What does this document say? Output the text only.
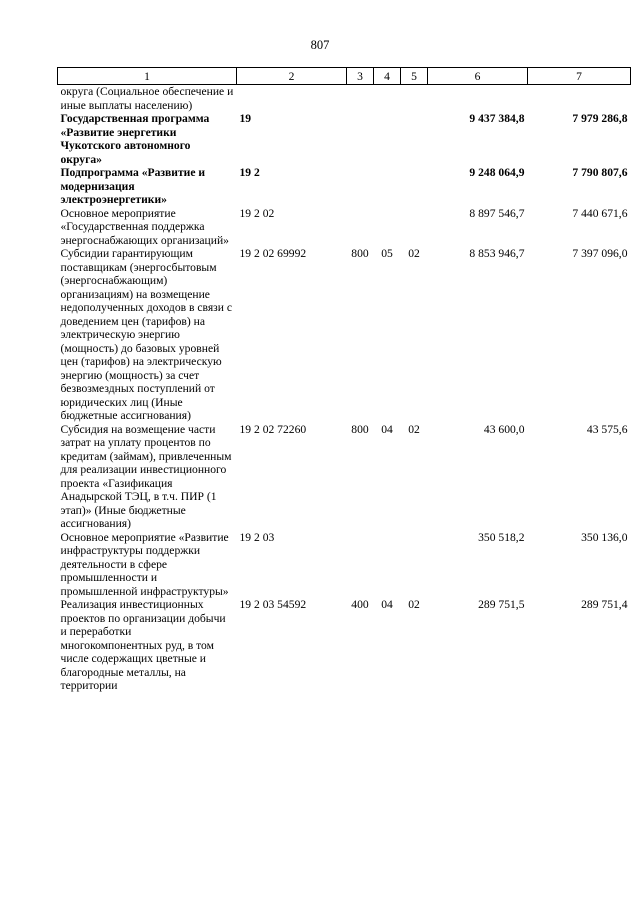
807
1	2	3	4	5	6	7
округа (Социальное обеспечение и иные выплаты населению)						
Государственная программа «Развитие энергетики Чукотского автономного округа»	19				9 437 384,8	7 979 286,8
Подпрограмма «Развитие и модернизация электроэнергетики»	19 2				9 248 064,9	7 790 807,6
Основное мероприятие «Государственная поддержка энергоснабжающих организаций»	19 2 02				8 897 546,7	7 440 671,6
Субсидии гарантирующим поставщикам (энергосбытовым (энергоснабжающим) организациям) на возмещение недополученных доходов в связи с доведением цен (тарифов) на электрическую энергию (мощность) до базовых уровней цен (тарифов) на электрическую энергию (мощность) за счет безвозмездных поступлений от юридических лиц (Иные бюджетные ассигнования)	19 2 02 69992	800	05	02	8 853 946,7	7 397 096,0
Субсидия на возмещение части затрат на уплату процентов по кредитам (займам), привлеченным для реализации инвестиционного проекта «Газификация Анадырской ТЭЦ, в т.ч. ПИР (1 этап)» (Иные бюджетные ассигнования)	19 2 02 72260	800	04	02	43 600,0	43 575,6
Основное мероприятие «Развитие инфраструктуры поддержки деятельности в сфере промышленности и промышленной инфраструктуры»	19 2 03				350 518,2	350 136,0
Реализация инвестиционных проектов по организации добычи и переработки многокомпонентных руд, в том числе содержащих цветные и благородные металлы, на территории	19 2 03 54592	400	04	02	289 751,5	289 751,4
